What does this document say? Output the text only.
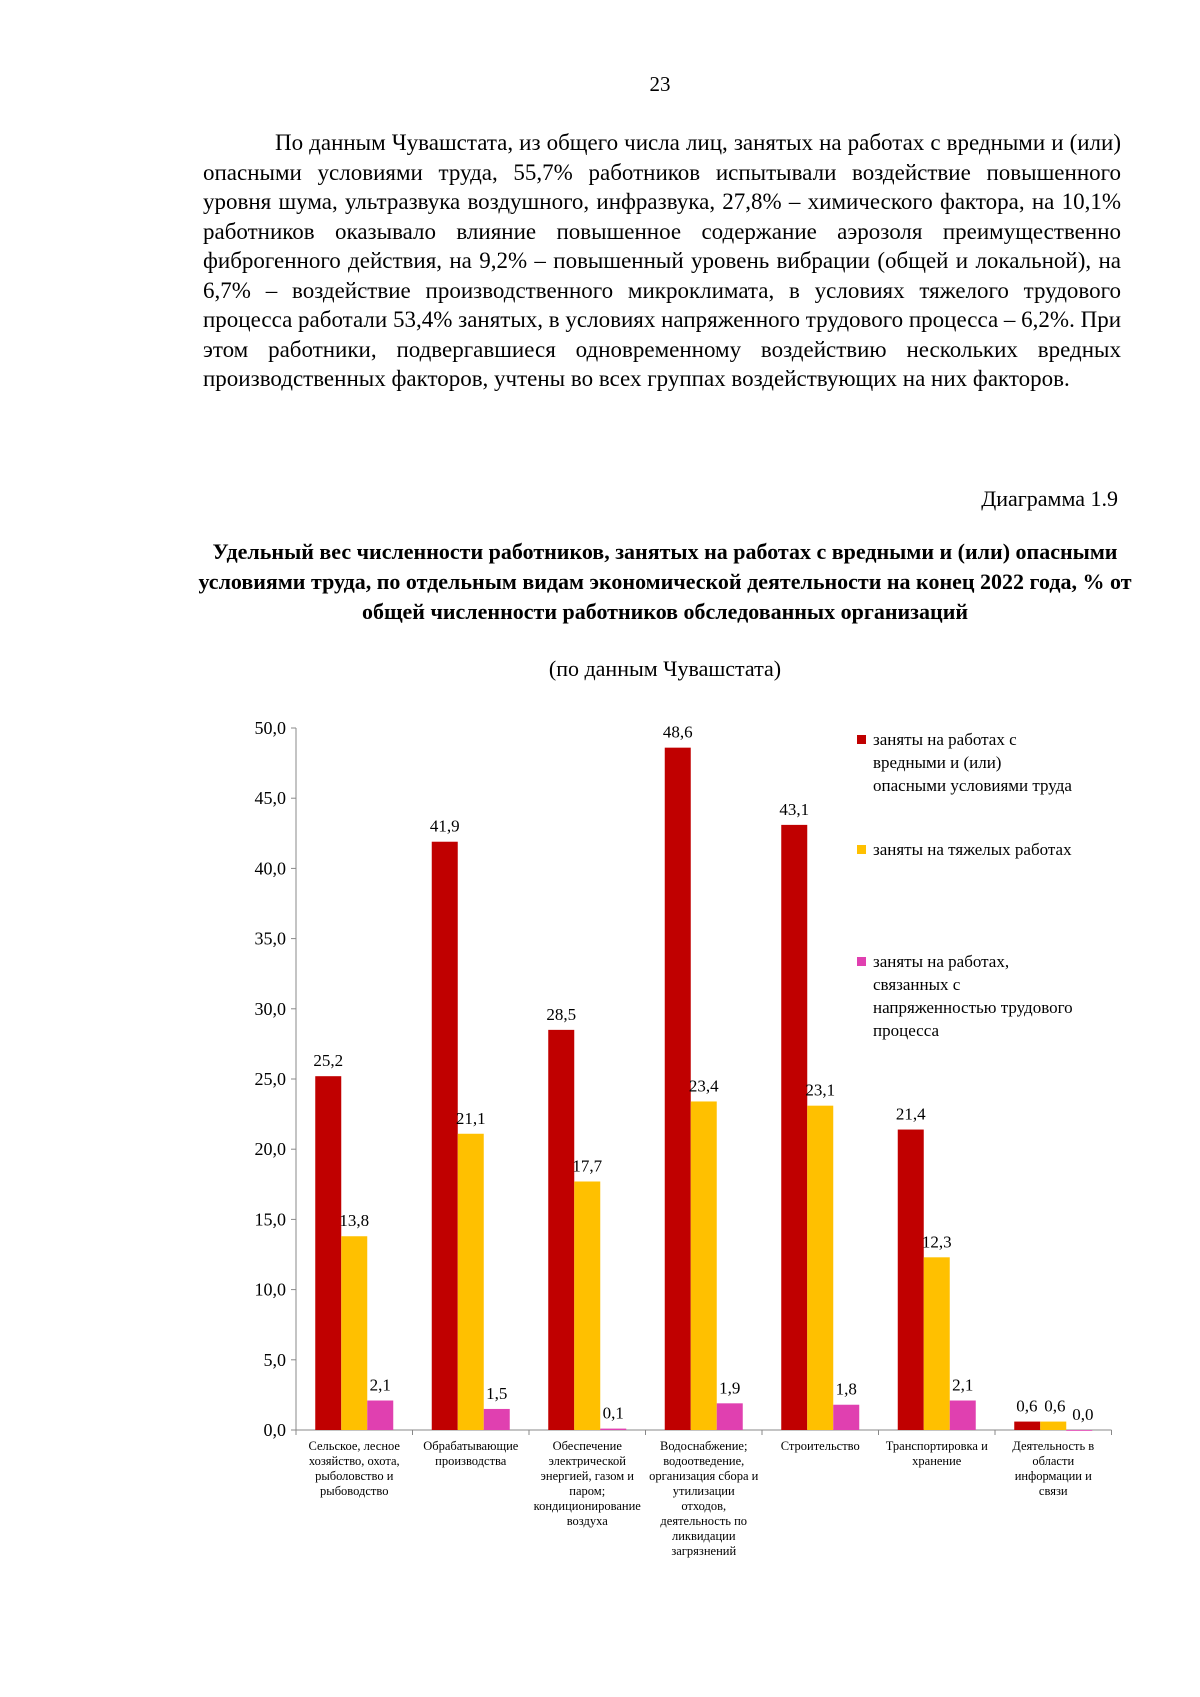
23

По данным Чувашстата, из общего числа лиц, занятых на работах с вредными и (или) опасными условиями труда, 55,7% работников испытывали воздействие повышенного уровня шума, ультразвука воздушного, инфразвука, 27,8% – химического фактора, на 10,1% работников оказывало влияние повышенное содержание аэрозоля преимущественно фиброгенного действия, на 9,2% – повышенный уровень вибрации (общей и локальной), на 6,7% – воздействие производственного микроклимата, в условиях тяжелого трудового процесса работали 53,4% занятых, в условиях напряженного трудового процесса – 6,2%. При этом работники, подвергавшиеся одновременному воздействию нескольких вредных производственных факторов, учтены во всех группах воздействующих на них факторов.

Диаграмма 1.9
Удельный вес численности работников, занятых на работах с вредными и (или) опасными условиями труда, по отдельным видам экономической деятельности на конец 2022 года, % от общей численности работников обследованных организаций
(по данным Чувашстата)
0,0
5,0
10,0
15,0
20,0
25,0
30,0
35,0
40,0
45,0
50,0
25,2
13,8
2,1
41,9
21,1
1,5
28,5
17,7
0,1
48,6
23,4
1,9
43,1
23,1
1,8
21,4
12,3
2,1
0,6 0,6 0,0
Сельское, лесное
хозяйство, охота,
рыболовство и
рыбоводство
Обрабатывающие
производства
Обеспечение
электрической
энергией, газом и
паром;
кондиционирование
воздуха
Водоснабжение;
водоотведение,
организация сбора и
утилизации
отходов,
деятельность по
ликвидации
загрязнений
Строительство Транспортировка и
хранение
Деятельность в
области
информации и
связи
заняты на работах с
вредными и (или)
опасными условиями труда
заняты на тяжелых работах
заняты на работах,
связанных с
напряженностью трудового
процесса
